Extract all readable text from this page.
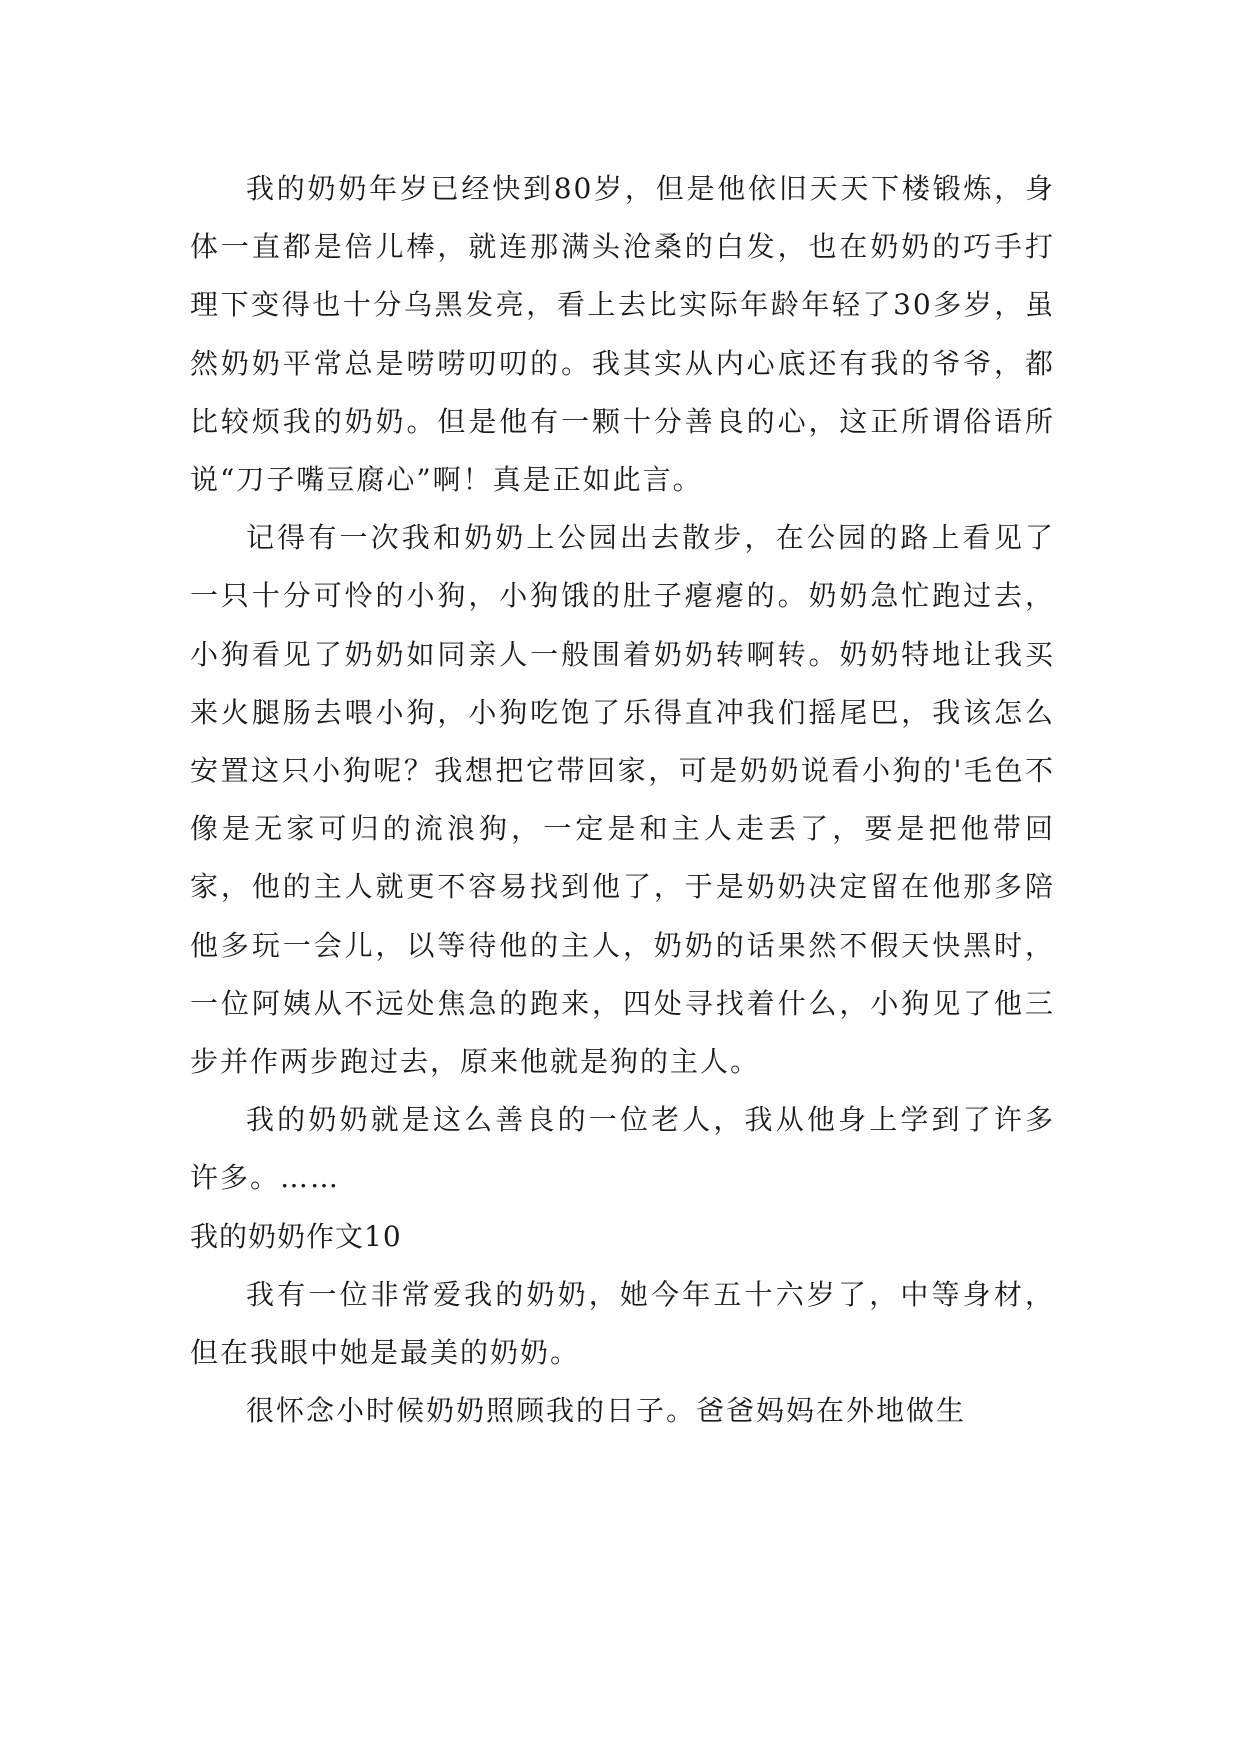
我的奶奶年岁已经快到80岁，但是他依旧天天下楼锻炼，身体一直都是倍儿棒，就连那满头沧桑的白发，也在奶奶的巧手打理下变得也十分乌黑发亮，看上去比实际年龄年轻了30多岁，虽然奶奶平常总是唠唠叨叨的。我其实从内心底还有我的爷爷，都比较烦我的奶奶。但是他有一颗十分善良的心，这正所谓俗语所说“刀子嘴豆腐心”啊！真是正如此言。

记得有一次我和奶奶上公园出去散步，在公园的路上看见了一只十分可怜的小狗，小狗饿的肚子瘪瘪的。奶奶急忙跑过去，小狗看见了奶奶如同亲人一般围着奶奶转啊转。奶奶特地让我买来火腿肠去喂小狗，小狗吃饱了乐得直冲我们摇尾巴，我该怎么安置这只小狗呢？我想把它带回家，可是奶奶说看小狗的'毛色不像是无家可归的流浪狗，一定是和主人走丢了，要是把他带回家，他的主人就更不容易找到他了，于是奶奶决定留在他那多陪他多玩一会儿，以等待他的主人，奶奶的话果然不假天快黑时，一位阿姨从不远处焦急的跑来，四处寻找着什么，小狗见了他三步并作两步跑过去，原来他就是狗的主人。

我的奶奶就是这么善良的一位老人，我从他身上学到了许多许多。……

我的奶奶作文10

我有一位非常爱我的奶奶，她今年五十六岁了，中等身材，但在我眼中她是最美的奶奶。

很怀念小时候奶奶照顾我的日子。爸爸妈妈在外地做生
